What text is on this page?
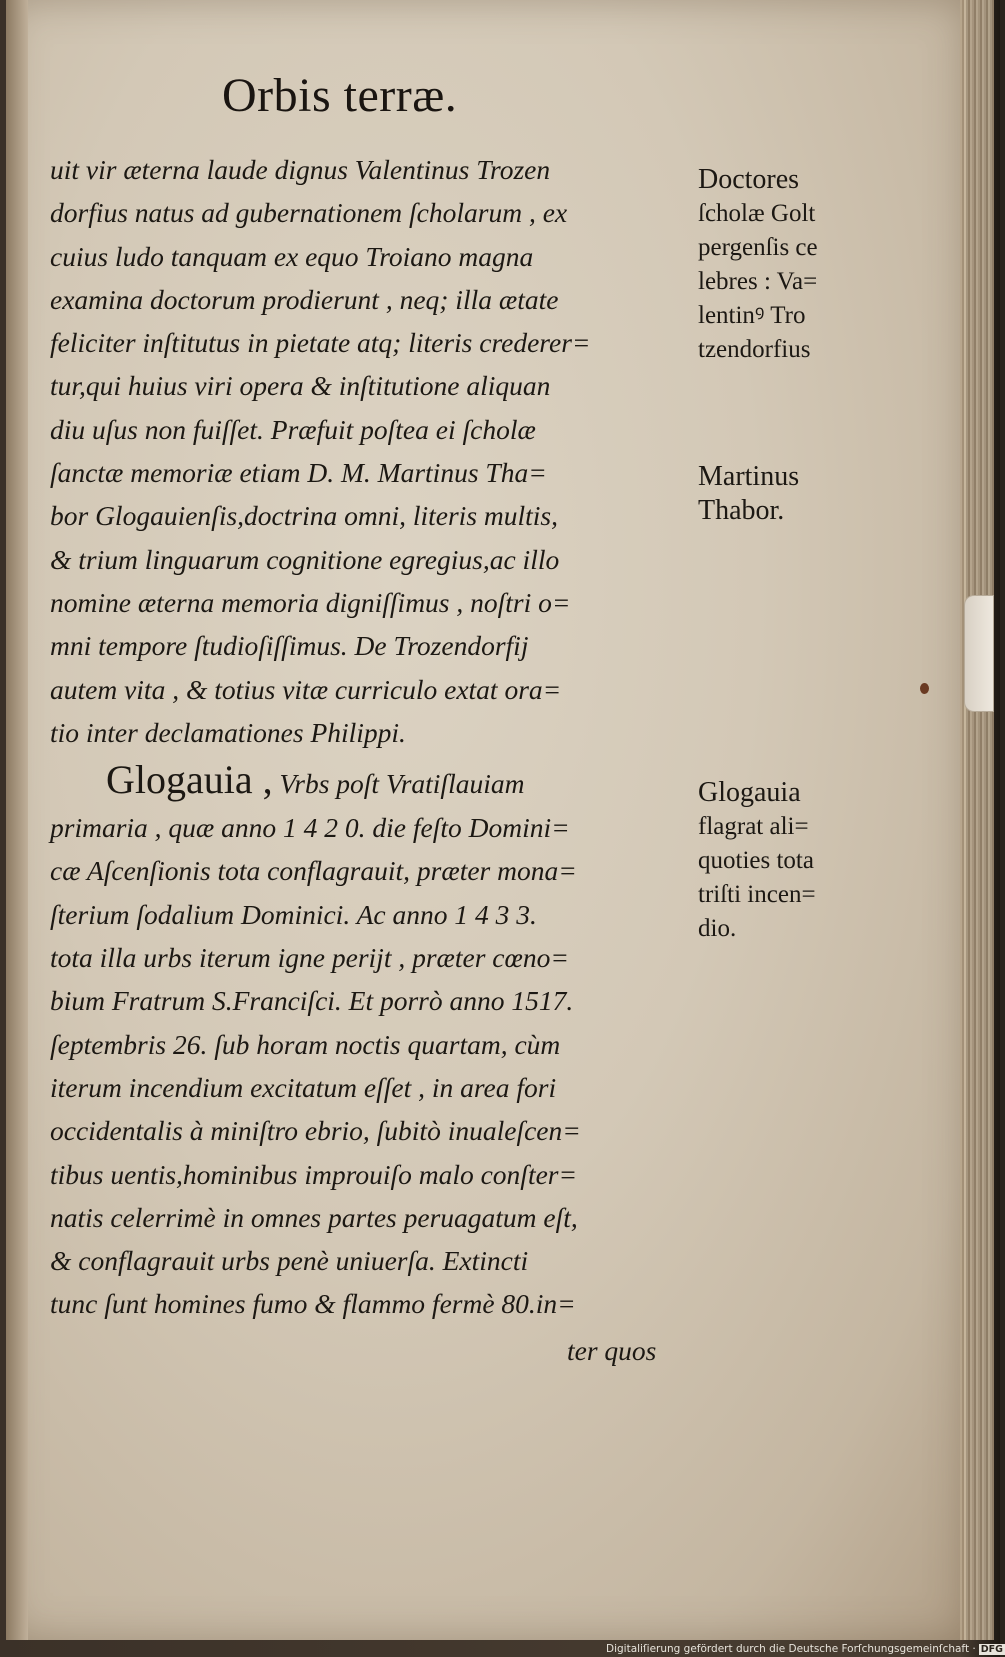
Orbis terræ.
uit vir æterna laude dignus Valentinus Trozen
dorfius natus ad gubernationem ſcholarum , ex
cuius ludo tanquam ex equo Troiano magna
examina doctorum prodierunt , neq; illa ætate
feliciter inſtitutus in pietate atq; literis crederer=
tur,qui huius viri opera & inſtitutione aliquan
diu uſus non fuiſſet. Præfuit poſtea ei ſcholæ
ſanctæ memoriæ etiam D. M. Martinus Tha=
bor Glogauienſis,doctrina omni, literis multis,
& trium linguarum cognitione egregius,ac illo
nomine æterna memoria digniſſimus , noſtri o=
mni tempore ſtudioſiſſimus. De Trozendorfij
autem vita , & totius vitæ curriculo extat ora=
tio inter declamationes Philippi.
Glogauia , Vrbs poſt Vratiſlauiam
primaria , quæ anno 1 4 2 0. die feſto Domini=
cæ Aſcenſionis tota conflagrauit, præter mona=
ſterium ſodalium Dominici. Ac anno 1 4 3 3.
tota illa urbs iterum igne perijt , præter cœno=
bium Fratrum S.Franciſci. Et porrò anno 1517.
ſeptembris 26. ſub horam noctis quartam, cùm
iterum incendium excitatum eſſet , in area fori
occidentalis à miniſtro ebrio, ſubitò inualeſcen=
tibus uentis,hominibus improuiſo malo conſter=
natis celerrimè in omnes partes peruagatum eſt,
& conflagrauit urbs penè uniuerſa. Extincti
tunc ſunt homines fumo & flammo fermè 80.in=
ter quos
Doctores
ſcholæ Golt
pergenſis ce
lebres : Va=
lentinꝰ Tro
tzendorfius
Martinus
Thabor.
Glogauia
flagrat ali=
quoties tota
triſti incen=
dio.
Digitaliſierung gefördert durch die Deutsche Forſchungsgemeinſchaft · DFG
